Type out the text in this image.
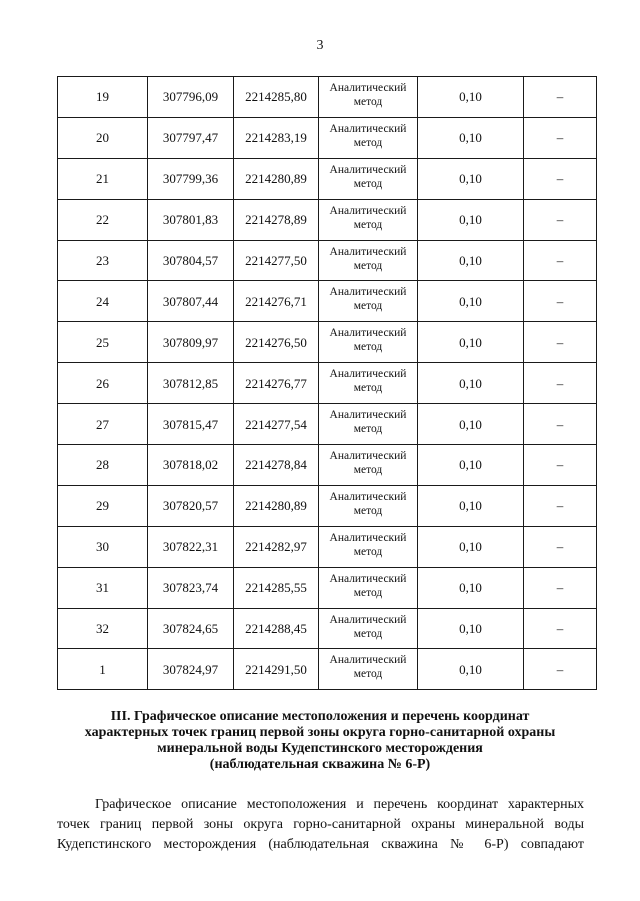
3
19	307796,09	2214285,80	Аналитический
метод	0,10	–
20	307797,47	2214283,19	Аналитический
метод	0,10	–
21	307799,36	2214280,89	Аналитический
метод	0,10	–
22	307801,83	2214278,89	Аналитический
метод	0,10	–
23	307804,57	2214277,50	Аналитический
метод	0,10	–
24	307807,44	2214276,71	Аналитический
метод	0,10	–
25	307809,97	2214276,50	Аналитический
метод	0,10	–
26	307812,85	2214276,77	Аналитический
метод	0,10	–
27	307815,47	2214277,54	Аналитический
метод	0,10	–
28	307818,02	2214278,84	Аналитический
метод	0,10	–
29	307820,57	2214280,89	Аналитический
метод	0,10	–
30	307822,31	2214282,97	Аналитический
метод	0,10	–
31	307823,74	2214285,55	Аналитический
метод	0,10	–
32	307824,65	2214288,45	Аналитический
метод	0,10	–
1	307824,97	2214291,50	Аналитический
метод	0,10	–
III. Графическое описание местоположения и перечень координат
характерных точек границ первой зоны округа горно-санитарной охраны
минеральной воды Кудепстинского месторождения
(наблюдательная скважина № 6-Р)
Графическое описание местоположения и перечень координат характерных
точек границ первой зоны округа горно-санитарной охраны минеральной воды
Кудепстинского месторождения (наблюдательная скважина № 6-Р) совпадают
